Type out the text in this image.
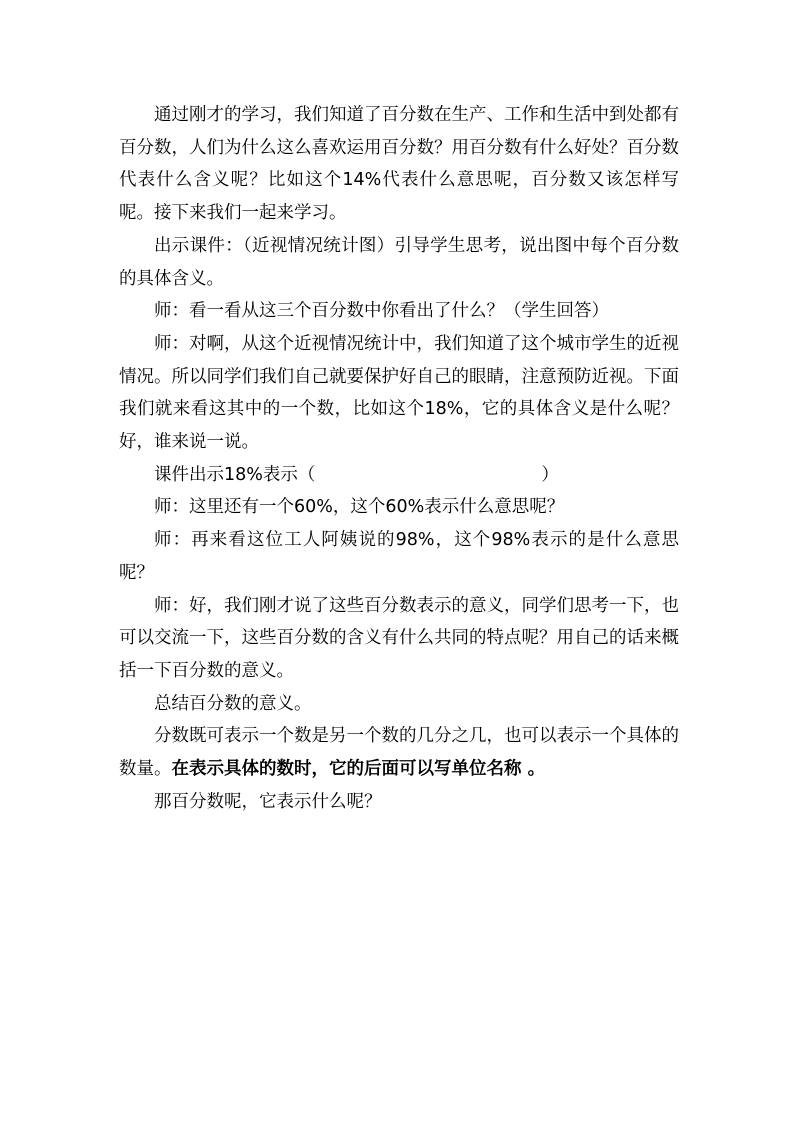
通过刚才的学习，我们知道了百分数在生产、工作和生活中到处都有百分数，人们为什么这么喜欢运用百分数？用百分数有什么好处？百分数代表什么含义呢？比如这个14%代表什么意思呢，百分数又该怎样写呢。接下来我们一起来学习。

出示课件：（近视情况统计图）引导学生思考，说出图中每个百分数的具体含义。

师：看一看从这三个百分数中你看出了什么？（学生回答）

师：对啊，从这个近视情况统计中，我们知道了这个城市学生的近视情况。所以同学们我们自己就要保护好自己的眼睛，注意预防近视。下面我们就来看这其中的一个数，比如这个18%，它的具体含义是什么呢？好，谁来说一说。

课件出示18%表示（	）

师：这里还有一个60%，这个60%表示什么意思呢？

师：再来看这位工人阿姨说的98%，这个98%表示的是什么意思呢？

师：好，我们刚才说了这些百分数表示的意义，同学们思考一下，也可以交流一下，这些百分数的含义有什么共同的特点呢？用自己的话来概括一下百分数的意义。

总结百分数的意义。

分数既可表示一个数是另一个数的几分之几，也可以表示一个具体的数量。在表示具体的数时，它的后面可以写单位名称 。

那百分数呢，它表示什么呢？
